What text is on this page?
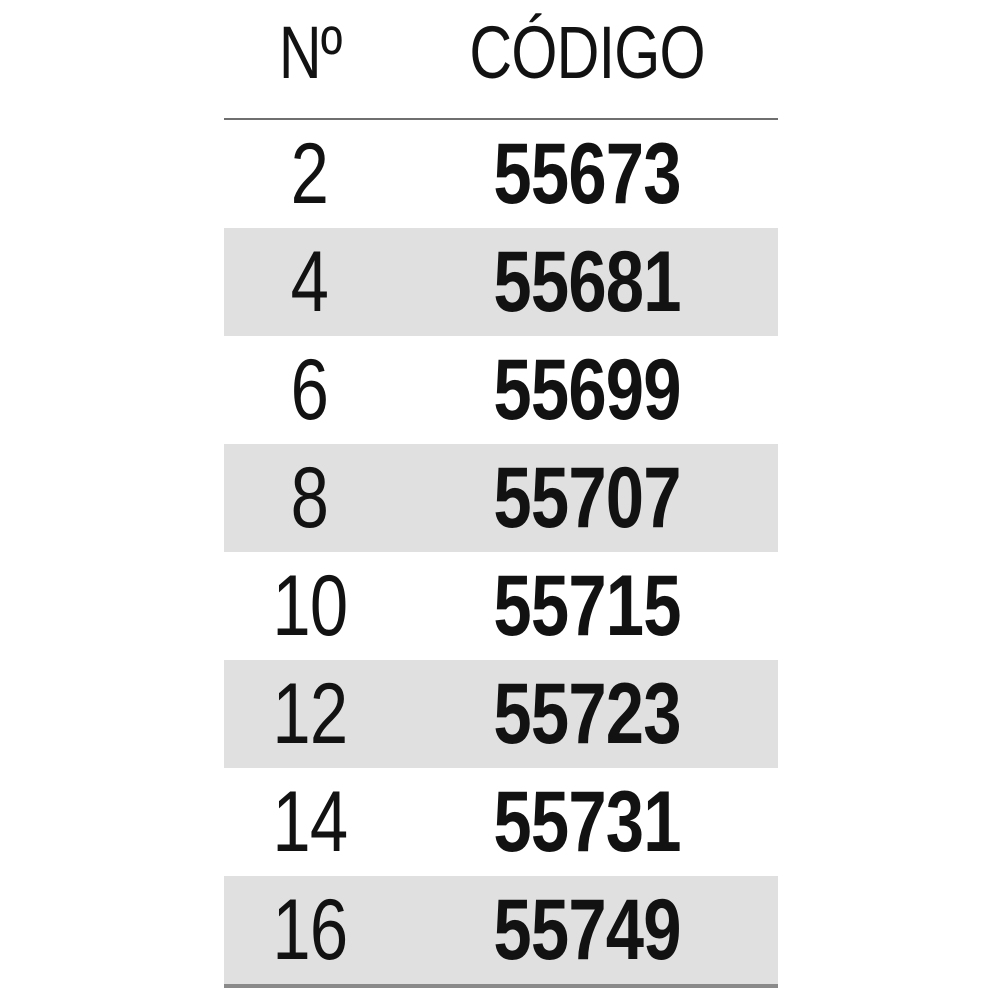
Nº	CÓDIGO
2	55673
4	55681
6	55699
8	55707
10	55715
12	55723
14	55731
16	55749
